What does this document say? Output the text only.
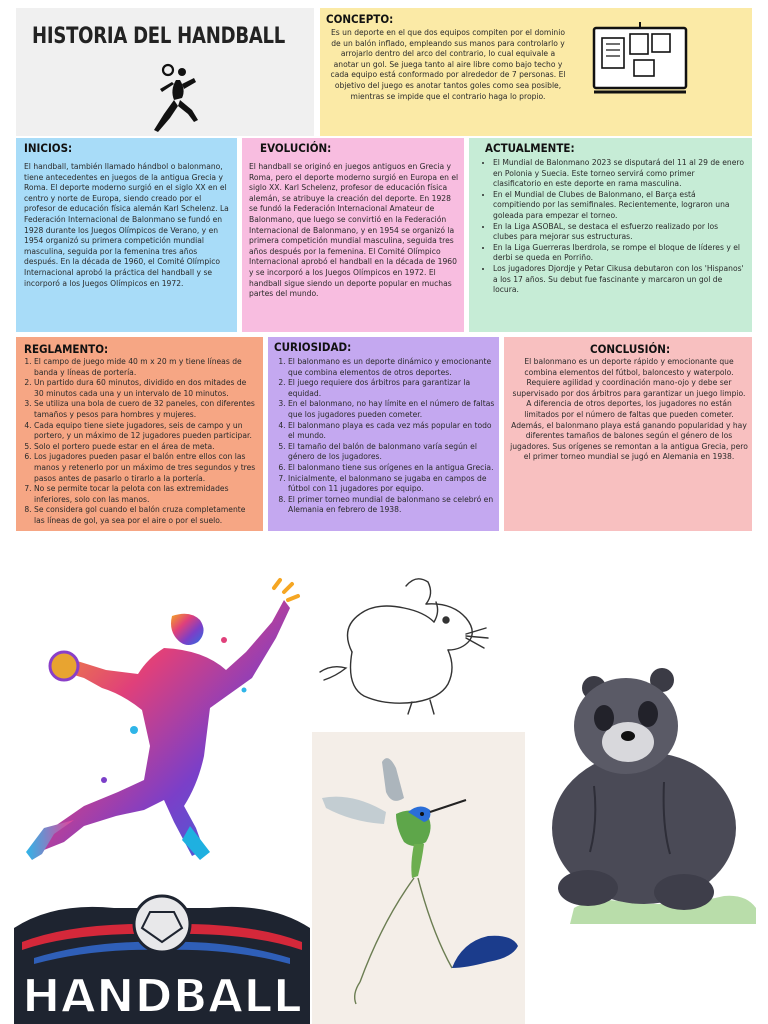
HISTORIA DEL HANDBALL
CONCEPTO:
Es un deporte en el que dos equipos compiten por el dominio de un balón inflado, empleando sus manos para controlarlo y arrojarlo dentro del arco del contrario, lo cual equivale a anotar un gol. Se juega tanto al aire libre como bajo techo y cada equipo está conformado por alrededor de 7 personas. El objetivo del juego es anotar tantos goles como sea posible, mientras se impide que el contrario haga lo propio.
INICIOS:
El handball, también llamado hándbol o balonmano, tiene antecedentes en juegos de la antigua Grecia y Roma. El deporte moderno surgió en el siglo XX en el centro y norte de Europa, siendo creado por el profesor de educación física alemán Karl Schelenz. La Federación Internacional de Balonmano se fundó en 1928 durante los Juegos Olímpicos de Verano, y en 1954 organizó su primera competición mundial masculina, seguida por la femenina tres años después. En la década de 1960, el Comité Olímpico Internacional aprobó la práctica del handball y se incorporó a los Juegos Olímpicos en 1972.
EVOLUCIÓN:
El handball se originó en juegos antiguos en Grecia y Roma, pero el deporte moderno surgió en Europa en el siglo XX. Karl Schelenz, profesor de educación física alemán, se atribuye la creación del deporte. En 1928 se fundó la Federación Internacional Amateur de Balonmano, que luego se convirtió en la Federación Internacional de Balonmano, y en 1954 se organizó la primera competición mundial masculina, seguida tres años después por la femenina. El Comité Olímpico Internacional aprobó el handball en la década de 1960 y se incorporó a los Juegos Olímpicos en 1972. El handball sigue siendo un deporte popular en muchas partes del mundo.
ACTUALMENTE:
• El Mundial de Balonmano 2023 se disputará del 11 al 29 de enero en Polonia y Suecia. Este torneo servirá como primer clasificatorio en este deporte en rama masculina.
• En el Mundial de Clubes de Balonmano, el Barça está compitiendo por las semifinales. Recientemente, lograron una goleada para empezar el torneo.
• En la Liga ASOBAL, se destaca el esfuerzo realizado por los clubes para mejorar sus estructuras.
• En la Liga Guerreras Iberdrola, se rompe el bloque de líderes y el derbi se queda en Porriño.
• Los jugadores Djordje y Petar Cikusa debutaron con los 'Hispanos' a los 17 años. Su debut fue fascinante y marcaron un gol de locura.
REGLAMENTO:
1. El campo de juego mide 40 m x 20 m y tiene líneas de banda y líneas de portería.
2. Un partido dura 60 minutos, dividido en dos mitades de 30 minutos cada una y un intervalo de 10 minutos.
3. Se utiliza una bola de cuero de 32 paneles, con diferentes tamaños y pesos para hombres y mujeres.
4. Cada equipo tiene siete jugadores, seis de campo y un portero, y un máximo de 12 jugadores pueden participar.
5. Solo el portero puede estar en el área de meta.
6. Los jugadores pueden pasar el balón entre ellos con las manos y retenerlo por un máximo de tres segundos y tres pasos antes de pasarlo o tirarlo a la portería.
7. No se permite tocar la pelota con las extremidades inferiores, solo con las manos.
8. Se considera gol cuando el balón cruza completamente las líneas de gol, ya sea por el aire o por el suelo.
CURIOSIDAD:
1. El balonmano es un deporte dinámico y emocionante que combina elementos de otros deportes.
2. El juego requiere dos árbitros para garantizar la equidad.
3. En el balonmano, no hay límite en el número de faltas que los jugadores pueden cometer.
4. El balonmano playa es cada vez más popular en todo el mundo.
5. El tamaño del balón de balonmano varía según el género de los jugadores.
6. El balonmano tiene sus orígenes en la antigua Grecia.
7. Inicialmente, el balonmano se jugaba en campos de fútbol con 11 jugadores por equipo.
8. El primer torneo mundial de balonmano se celebró en Alemania en febrero de 1938.
CONCLUSIÓN:
El balonmano es un deporte rápido y emocionante que combina elementos del fútbol, baloncesto y waterpolo. Requiere agilidad y coordinación mano-ojo y debe ser supervisado por dos árbitros para garantizar un juego limpio. A diferencia de otros deportes, los jugadores no están limitados por el número de faltas que pueden cometer. Además, el balonmano playa está ganando popularidad y hay diferentes tamaños de balones según el género de los jugadores. Sus orígenes se remontan a la antigua Grecia, pero el primer torneo mundial se jugó en Alemania en 1938.
HANDBALL
